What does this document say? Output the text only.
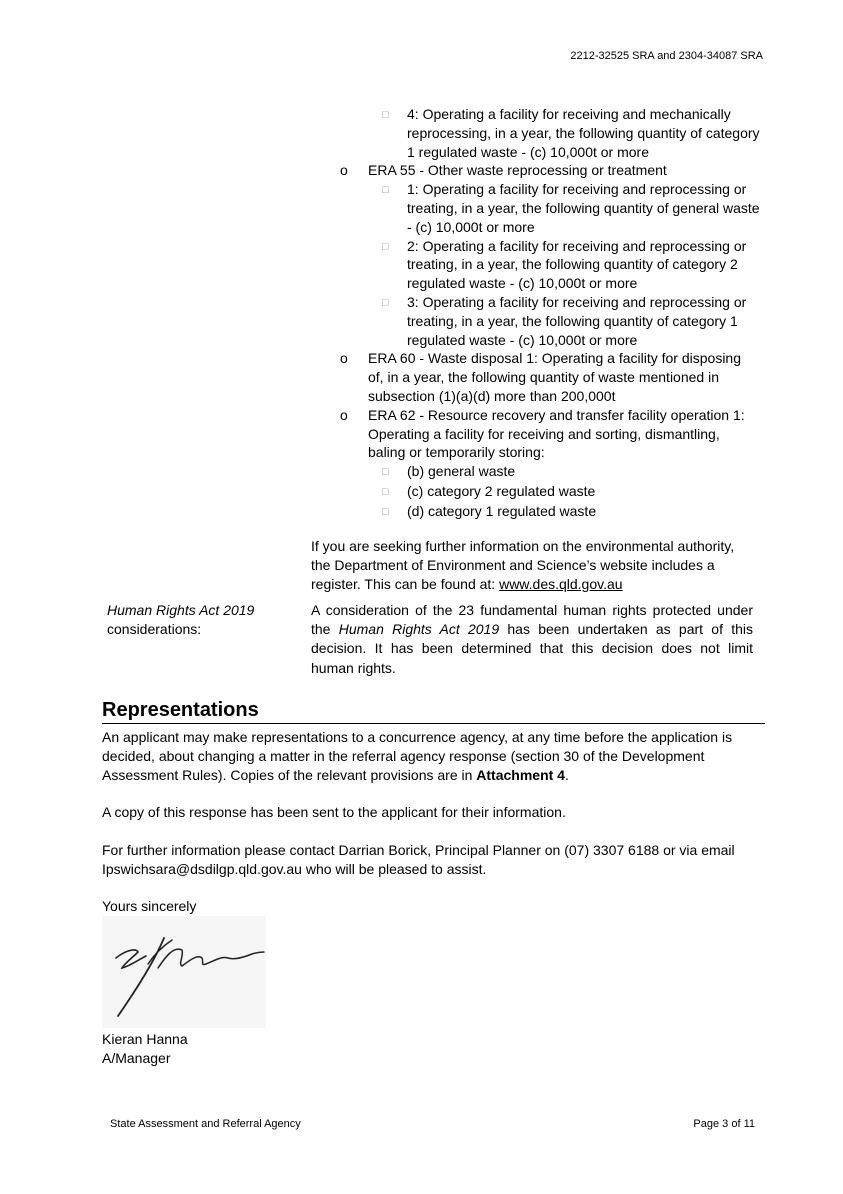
2212-32525 SRA and 2304-34087 SRA
□	4: Operating a facility for receiving and mechanically reprocessing, in a year, the following quantity of category 1 regulated waste - (c) 10,000t or more
o	ERA 55 - Other waste reprocessing or treatment
□	1: Operating a facility for receiving and reprocessing or treating, in a year, the following quantity of general waste - (c) 10,000t or more
□	2: Operating a facility for receiving and reprocessing or treating, in a year, the following quantity of category 2 regulated waste - (c) 10,000t or more
□	3: Operating a facility for receiving and reprocessing or treating, in a year, the following quantity of category 1 regulated waste - (c) 10,000t or more
o	ERA 60 - Waste disposal 1: Operating a facility for disposing of, in a year, the following quantity of waste mentioned in subsection (1)(a)(d) more than 200,000t
o	ERA 62 - Resource recovery and transfer facility operation 1: Operating a facility for receiving and sorting, dismantling, baling or temporarily storing:
□	(b) general waste
□	(c) category 2 regulated waste
□	(d) category 1 regulated waste
If you are seeking further information on the environmental authority, the Department of Environment and Science’s website includes a register. This can be found at: www.des.qld.gov.au
Human Rights Act 2019
considerations:
A consideration of the 23 fundamental human rights protected under the Human Rights Act 2019 has been undertaken as part of this decision. It has been determined that this decision does not limit human rights.
Representations
An applicant may make representations to a concurrence agency, at any time before the application is decided, about changing a matter in the referral agency response (section 30 of the Development Assessment Rules). Copies of the relevant provisions are in Attachment 4.
A copy of this response has been sent to the applicant for their information.
For further information please contact Darrian Borick, Principal Planner on (07) 3307 6188 or via email Ipswichsara@dsdilgp.qld.gov.au who will be pleased to assist.
Yours sincerely
Kieran Hanna
A/Manager
State Assessment and Referral Agency	Page 3 of 11
